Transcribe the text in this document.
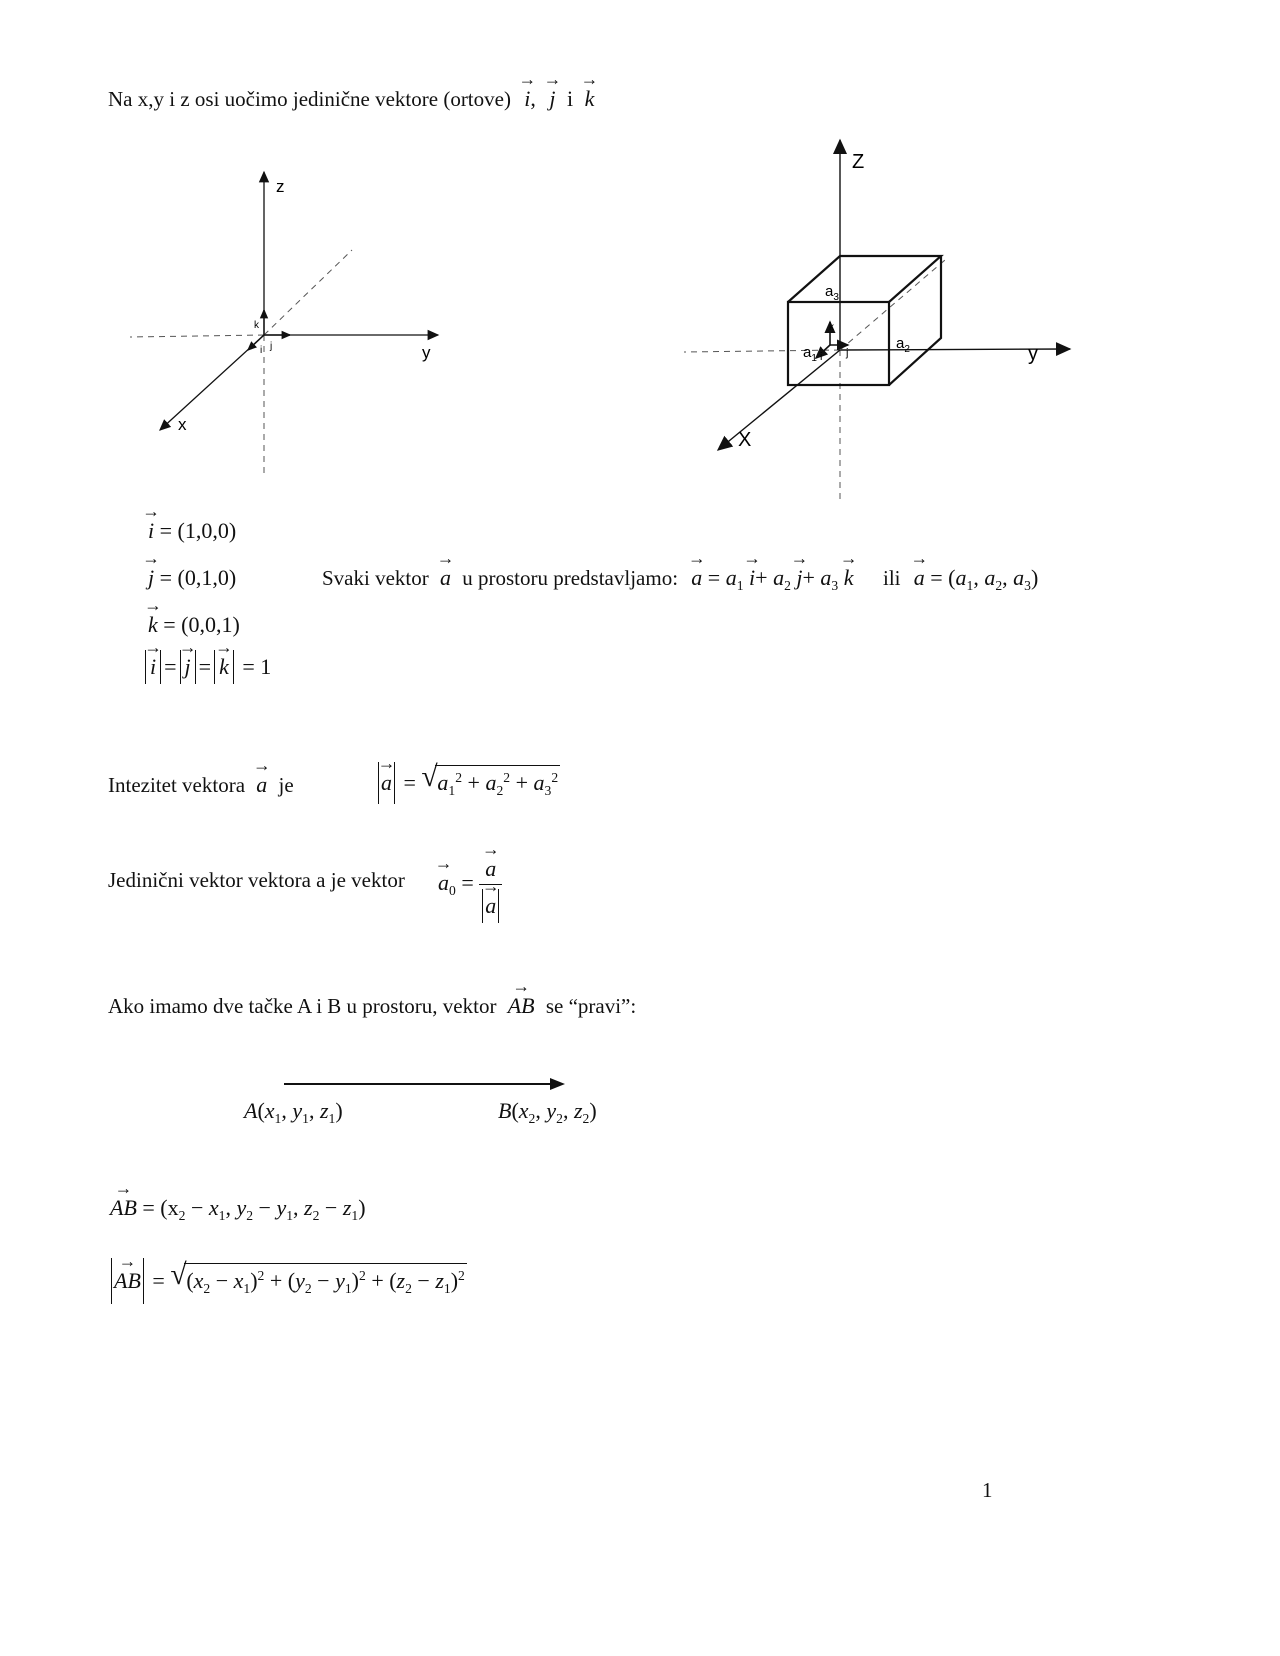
Na x,y i z osi uočimo jedinične vektore (ortove) → i, → j i → k
z
y
x
k
i j
Z
y
X
$a_3$
$a_1$
$a_2$
k
j
i
→ i = (1,0,0)
→ j = (0,1,0)
→ k = (0,0,1)
→ i = → j = → k = 1
Svaki vektor → a u prostoru predstavljamo: → $a = a_1 \to i+ a_2 \to j+ a_3 \to k$ ili → $a = (a_1$, $a_2$, $a_3$)
Intezitet vektora → a je	→ a = √ $a_1^2 + a_2^2 + a_3^2$
Jedinični vektor vektora a je vektor → $a_0$ = → a
→ a
Ako imamo dve tačke A i B u prostoru, vektor → AB se “pravi”:
$A(x_1$, $y_1$, $z_1$)	$B(x_2$, $y_2$, $z_2$)
→ AB = ($x_2 - x_1$, $y_2 - y_1$, $z_2 - z_1$)
→ AB = √ $(x_2 - x_1)^2 + (y_2 - y_1)^2 + (z_2 - z_1)^2$
1
